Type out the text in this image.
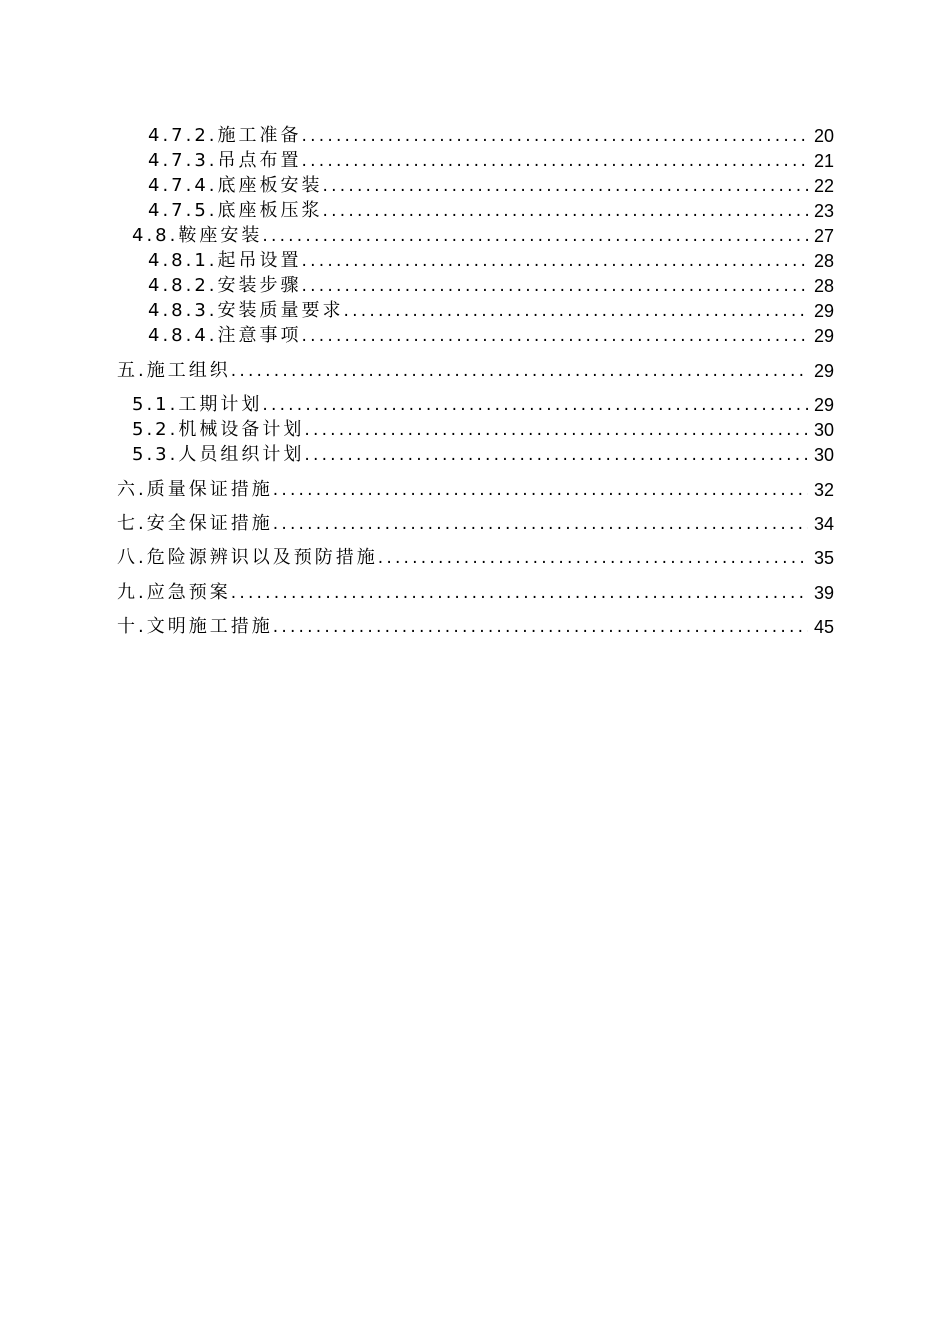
4.7.2.施工准备 .....	20
4.7.3.吊点布置 .....	21
4.7.4.底座板安装 .....	22
4.7.5.底座板压浆 .....	23
4.8.鞍座安装 .....	27
4.8.1.起吊设置 .....	28
4.8.2.安装步骤 .....	28
4.8.3.安装质量要求 .....	29
4.8.4.注意事项 .....	29
五.施工组织 .....	29
5.1.工期计划 .....	29
5.2.机械设备计划 .....	30
5.3.人员组织计划 .....	30
六.质量保证措施 .....	32
七.安全保证措施 .....	34
八.危险源辨识以及预防措施 .....	35
九.应急预案 .....	39
十.文明施工措施 .....	45
